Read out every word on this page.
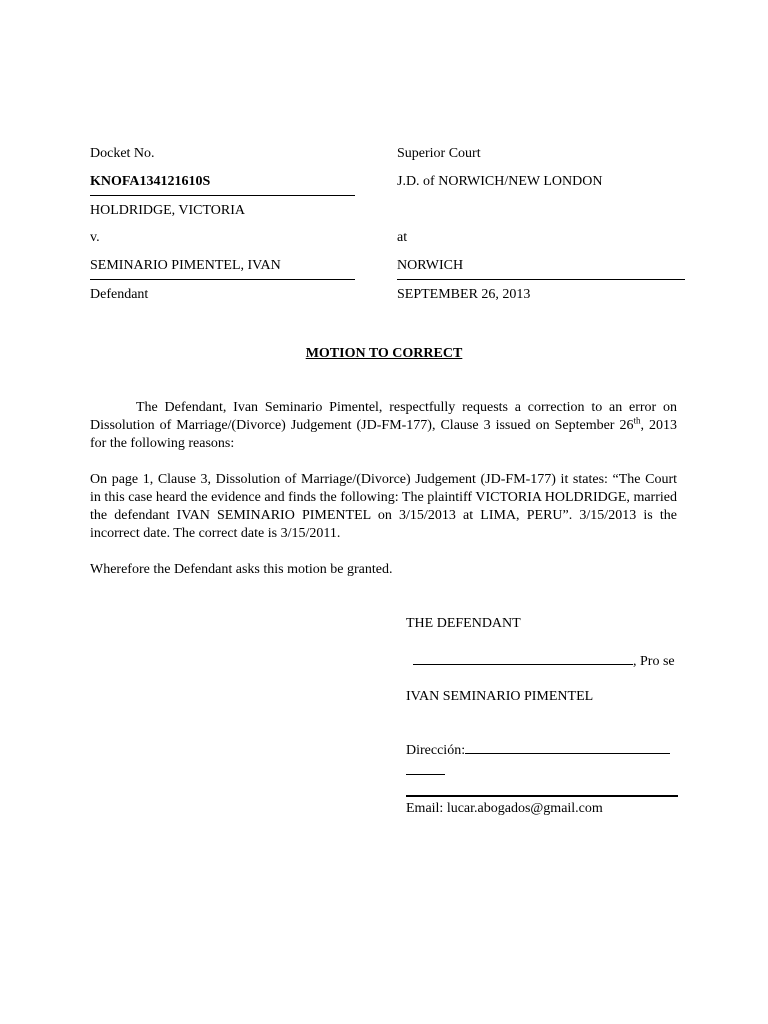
Docket No.
KNOFA134121610S
HOLDRIDGE, VICTORIA
v.
SEMINARIO PIMENTEL, IVAN
Defendant
Superior Court
J.D. of NORWICH/NEW LONDON
at
NORWICH
SEPTEMBER 26, 2013
MOTION TO CORRECT
The Defendant, Ivan Seminario Pimentel, respectfully requests a correction to an error on Dissolution of Marriage/(Divorce) Judgement (JD-FM-177), Clause 3 issued on September 26th, 2013 for the following reasons:
On page 1, Clause 3, Dissolution of Marriage/(Divorce) Judgement (JD-FM-177) it states: “The Court in this case heard the evidence and finds the following: The plaintiff VICTORIA HOLDRIDGE, married the defendant IVAN SEMINARIO PIMENTEL on 3/15/2013 at LIMA, PERU”. 3/15/2013 is the incorrect date. The correct date is 3/15/2011.
Wherefore the Defendant asks this motion be granted.
THE DEFENDANT
, Pro se
IVAN SEMINARIO PIMENTEL
Dirección:
Email: lucar.abogados@gmail.com
